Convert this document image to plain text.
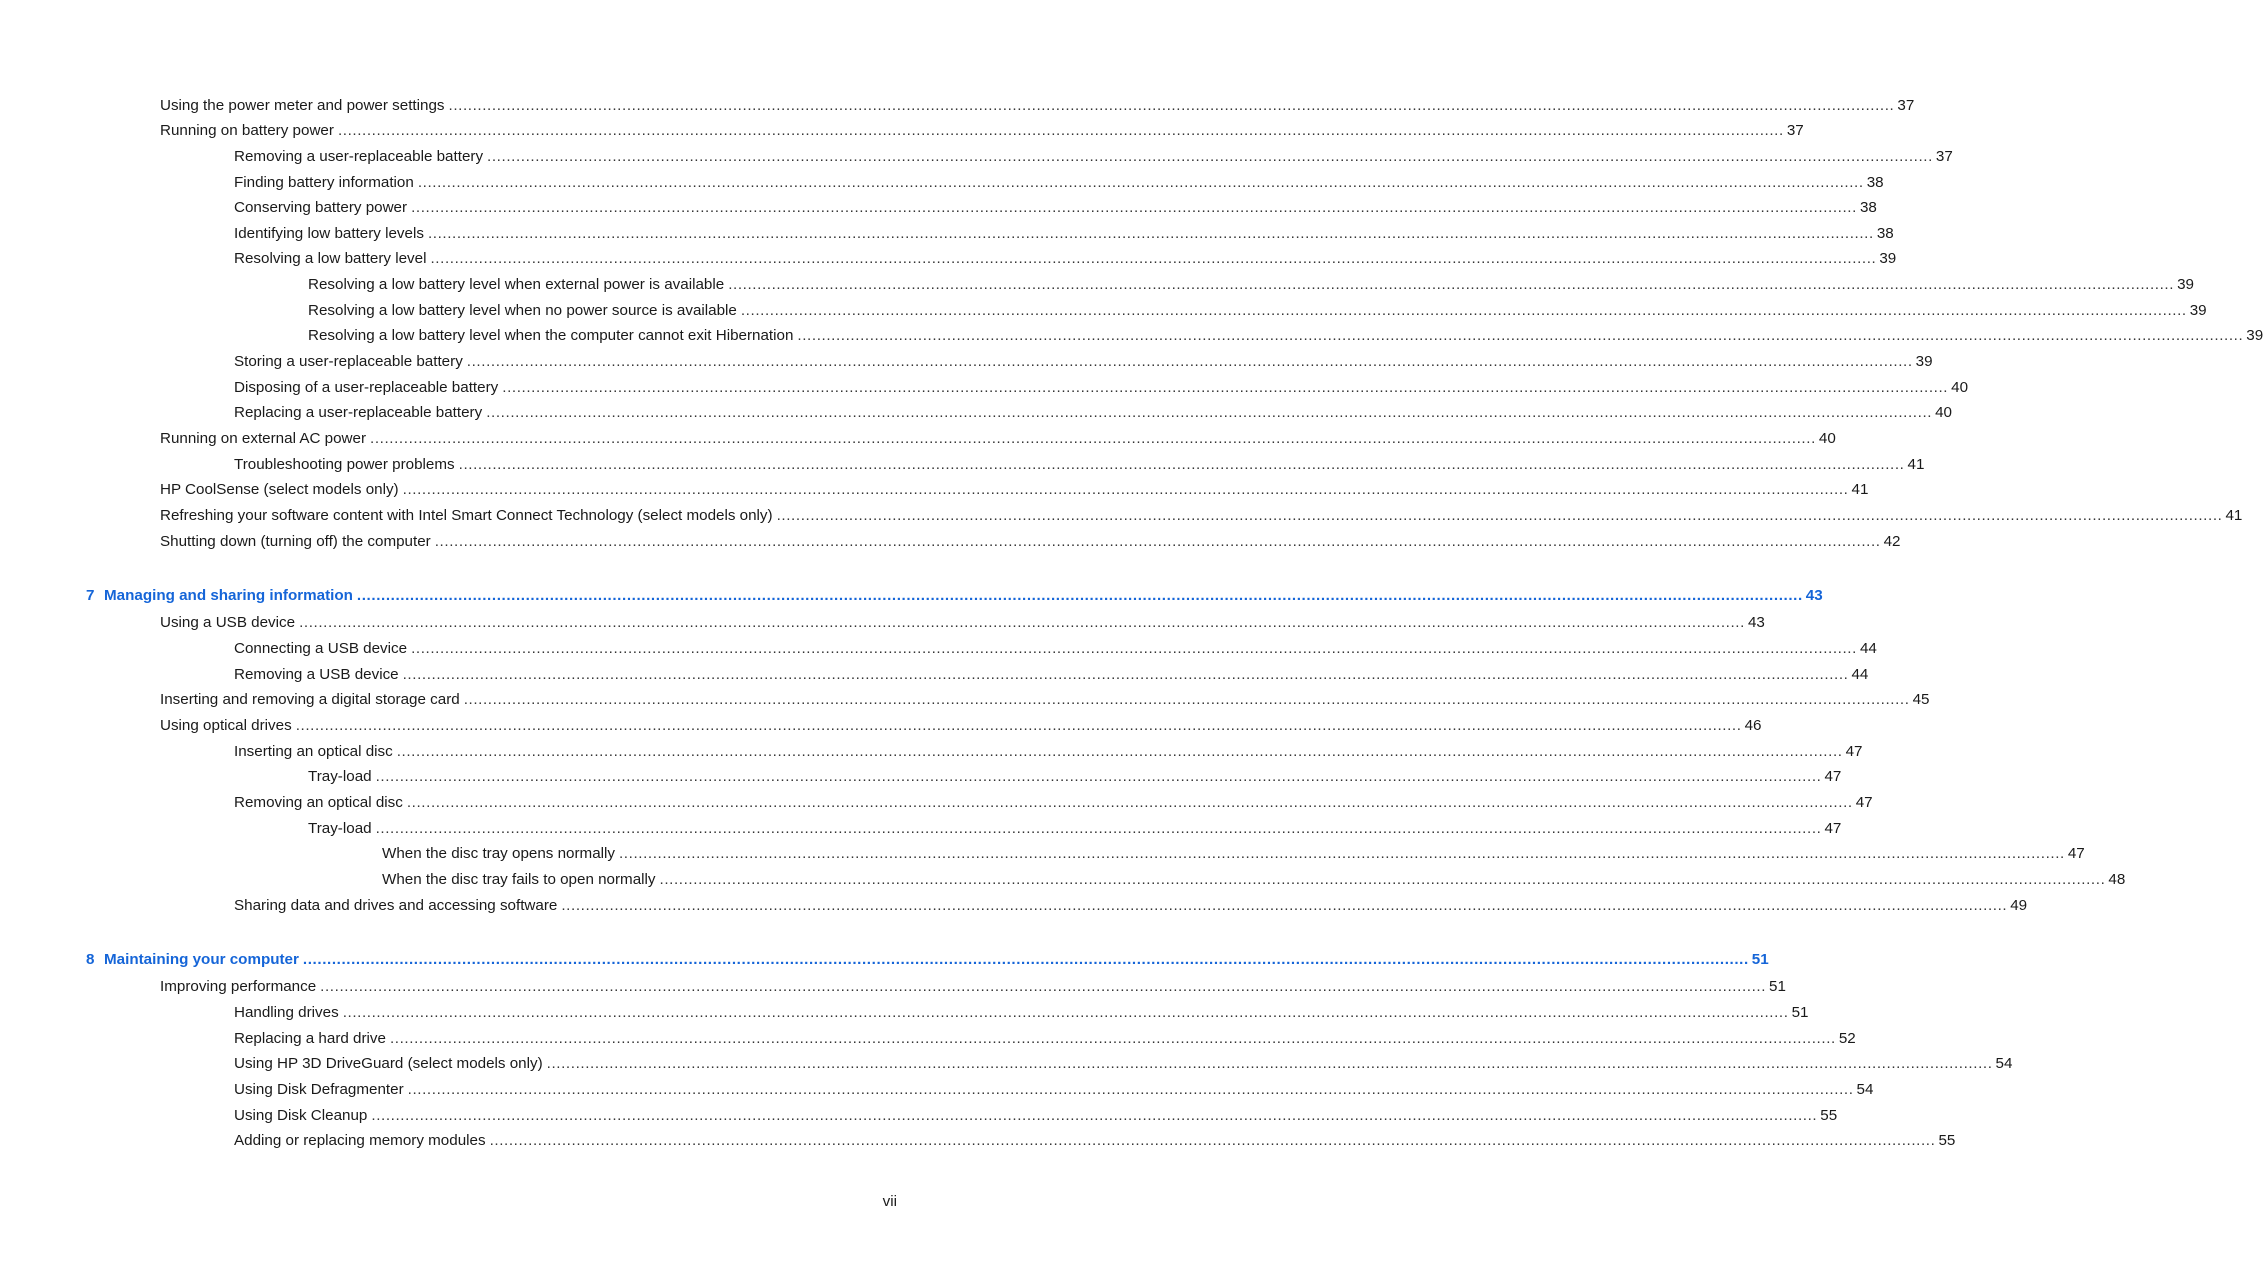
Using the power meter and power settings ............................................................................................................................................................................................................................................................................................................ 37
Running on battery power ............................................................................................................................................................................................................................................................................................................ 37
Removing a user-replaceable battery ............................................................................................................................................................................................................................................................................................................ 37
Finding battery information ............................................................................................................................................................................................................................................................................................................ 38
Conserving battery power ............................................................................................................................................................................................................................................................................................................ 38
Identifying low battery levels ............................................................................................................................................................................................................................................................................................................ 38
Resolving a low battery level ............................................................................................................................................................................................................................................................................................................ 39
Resolving a low battery level when external power is available ............................................................................................................................................................................................................................................................................................................ 39
Resolving a low battery level when no power source is available ............................................................................................................................................................................................................................................................................................................ 39
Resolving a low battery level when the computer cannot exit Hibernation ............................................................................................................................................................................................................................................................................................................ 39
Storing a user-replaceable battery ............................................................................................................................................................................................................................................................................................................ 39
Disposing of a user-replaceable battery ............................................................................................................................................................................................................................................................................................................ 40
Replacing a user-replaceable battery ............................................................................................................................................................................................................................................................................................................ 40
Running on external AC power ............................................................................................................................................................................................................................................................................................................ 40
Troubleshooting power problems ............................................................................................................................................................................................................................................................................................................ 41
HP CoolSense (select models only) ............................................................................................................................................................................................................................................................................................................ 41
Refreshing your software content with Intel Smart Connect Technology (select models only) ............................................................................................................................................................................................................................................................................................................ 41
Shutting down (turning off) the computer ............................................................................................................................................................................................................................................................................................................ 42
7 Managing and sharing information ............................................................................................................................................................................................................................................................................................................ 43
Using a USB device ............................................................................................................................................................................................................................................................................................................ 43
Connecting a USB device ............................................................................................................................................................................................................................................................................................................ 44
Removing a USB device ............................................................................................................................................................................................................................................................................................................ 44
Inserting and removing a digital storage card ............................................................................................................................................................................................................................................................................................................ 45
Using optical drives ............................................................................................................................................................................................................................................................................................................ 46
Inserting an optical disc ............................................................................................................................................................................................................................................................................................................ 47
Tray-load ............................................................................................................................................................................................................................................................................................................ 47
Removing an optical disc ............................................................................................................................................................................................................................................................................................................ 47
Tray-load ............................................................................................................................................................................................................................................................................................................ 47
When the disc tray opens normally ............................................................................................................................................................................................................................................................................................................ 47
When the disc tray fails to open normally ............................................................................................................................................................................................................................................................................................................ 48
Sharing data and drives and accessing software ............................................................................................................................................................................................................................................................................................................ 49
8 Maintaining your computer ............................................................................................................................................................................................................................................................................................................ 51
Improving performance ............................................................................................................................................................................................................................................................................................................ 51
Handling drives ............................................................................................................................................................................................................................................................................................................ 51
Replacing a hard drive ............................................................................................................................................................................................................................................................................................................ 52
Using HP 3D DriveGuard (select models only) ............................................................................................................................................................................................................................................................................................................ 54
Using Disk Defragmenter ............................................................................................................................................................................................................................................................................................................ 54
Using Disk Cleanup ............................................................................................................................................................................................................................................................................................................ 55
Adding or replacing memory modules ............................................................................................................................................................................................................................................................................................................ 55
vii
